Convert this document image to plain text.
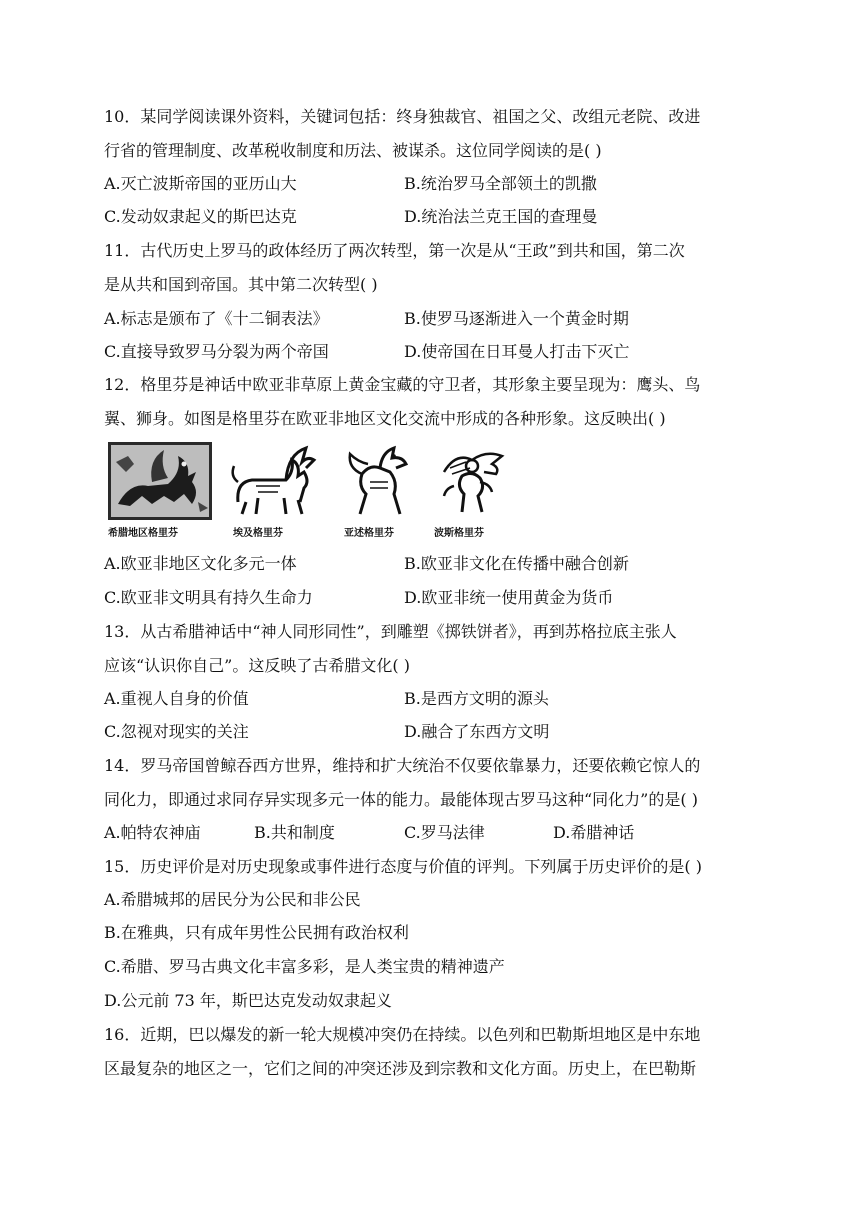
10．某同学阅读课外资料，关键词包括：终身独裁官、祖国之父、改组元老院、改进
行省的管理制度、改革税收制度和历法、被谋杀。这位同学阅读的是( )
A.灭亡波斯帝国的亚历山大	B.统治罗马全部领土的凯撒
C.发动奴隶起义的斯巴达克	D.统治法兰克王国的查理曼
11．古代历史上罗马的政体经历了两次转型，第一次是从“王政”到共和国，第二次
是从共和国到帝国。其中第二次转型( )
A.标志是颁布了《十二铜表法》	B.使罗马逐渐进入一个黄金时期
C.直接导致罗马分裂为两个帝国	D.使帝国在日耳曼人打击下灭亡
12．格里芬是神话中欧亚非草原上黄金宝藏的守卫者，其形象主要呈现为：鹰头、鸟
翼、狮身。如图是格里芬在欧亚非地区文化交流中形成的各种形象。这反映出( )
希腊地区格里芬	埃及格里芬	亚述格里芬	波斯格里芬
A.欧亚非地区文化多元一体	B.欧亚非文化在传播中融合创新
C.欧亚非文明具有持久生命力	D.欧亚非统一使用黄金为货币
13．从古希腊神话中“神人同形同性”，到雕塑《掷铁饼者》，再到苏格拉底主张人
应该“认识你自己”。这反映了古希腊文化( )
A.重视人自身的价值	B.是西方文明的源头
C.忽视对现实的关注	D.融合了东西方文明
14．罗马帝国曾鲸吞西方世界，维持和扩大统治不仅要依靠暴力，还要依赖它惊人的
同化力，即通过求同存异实现多元一体的能力。最能体现古罗马这种“同化力”的是( )
A.帕特农神庙	B.共和制度	C.罗马法律	D.希腊神话
15．历史评价是对历史现象或事件进行态度与价值的评判。下列属于历史评价的是( )
A.希腊城邦的居民分为公民和非公民
B.在雅典，只有成年男性公民拥有政治权利
C.希腊、罗马古典文化丰富多彩，是人类宝贵的精神遗产
D.公元前 73 年，斯巴达克发动奴隶起义
16．近期，巴以爆发的新一轮大规模冲突仍在持续。以色列和巴勒斯坦地区是中东地
区最复杂的地区之一，它们之间的冲突还涉及到宗教和文化方面。历史上，在巴勒斯
